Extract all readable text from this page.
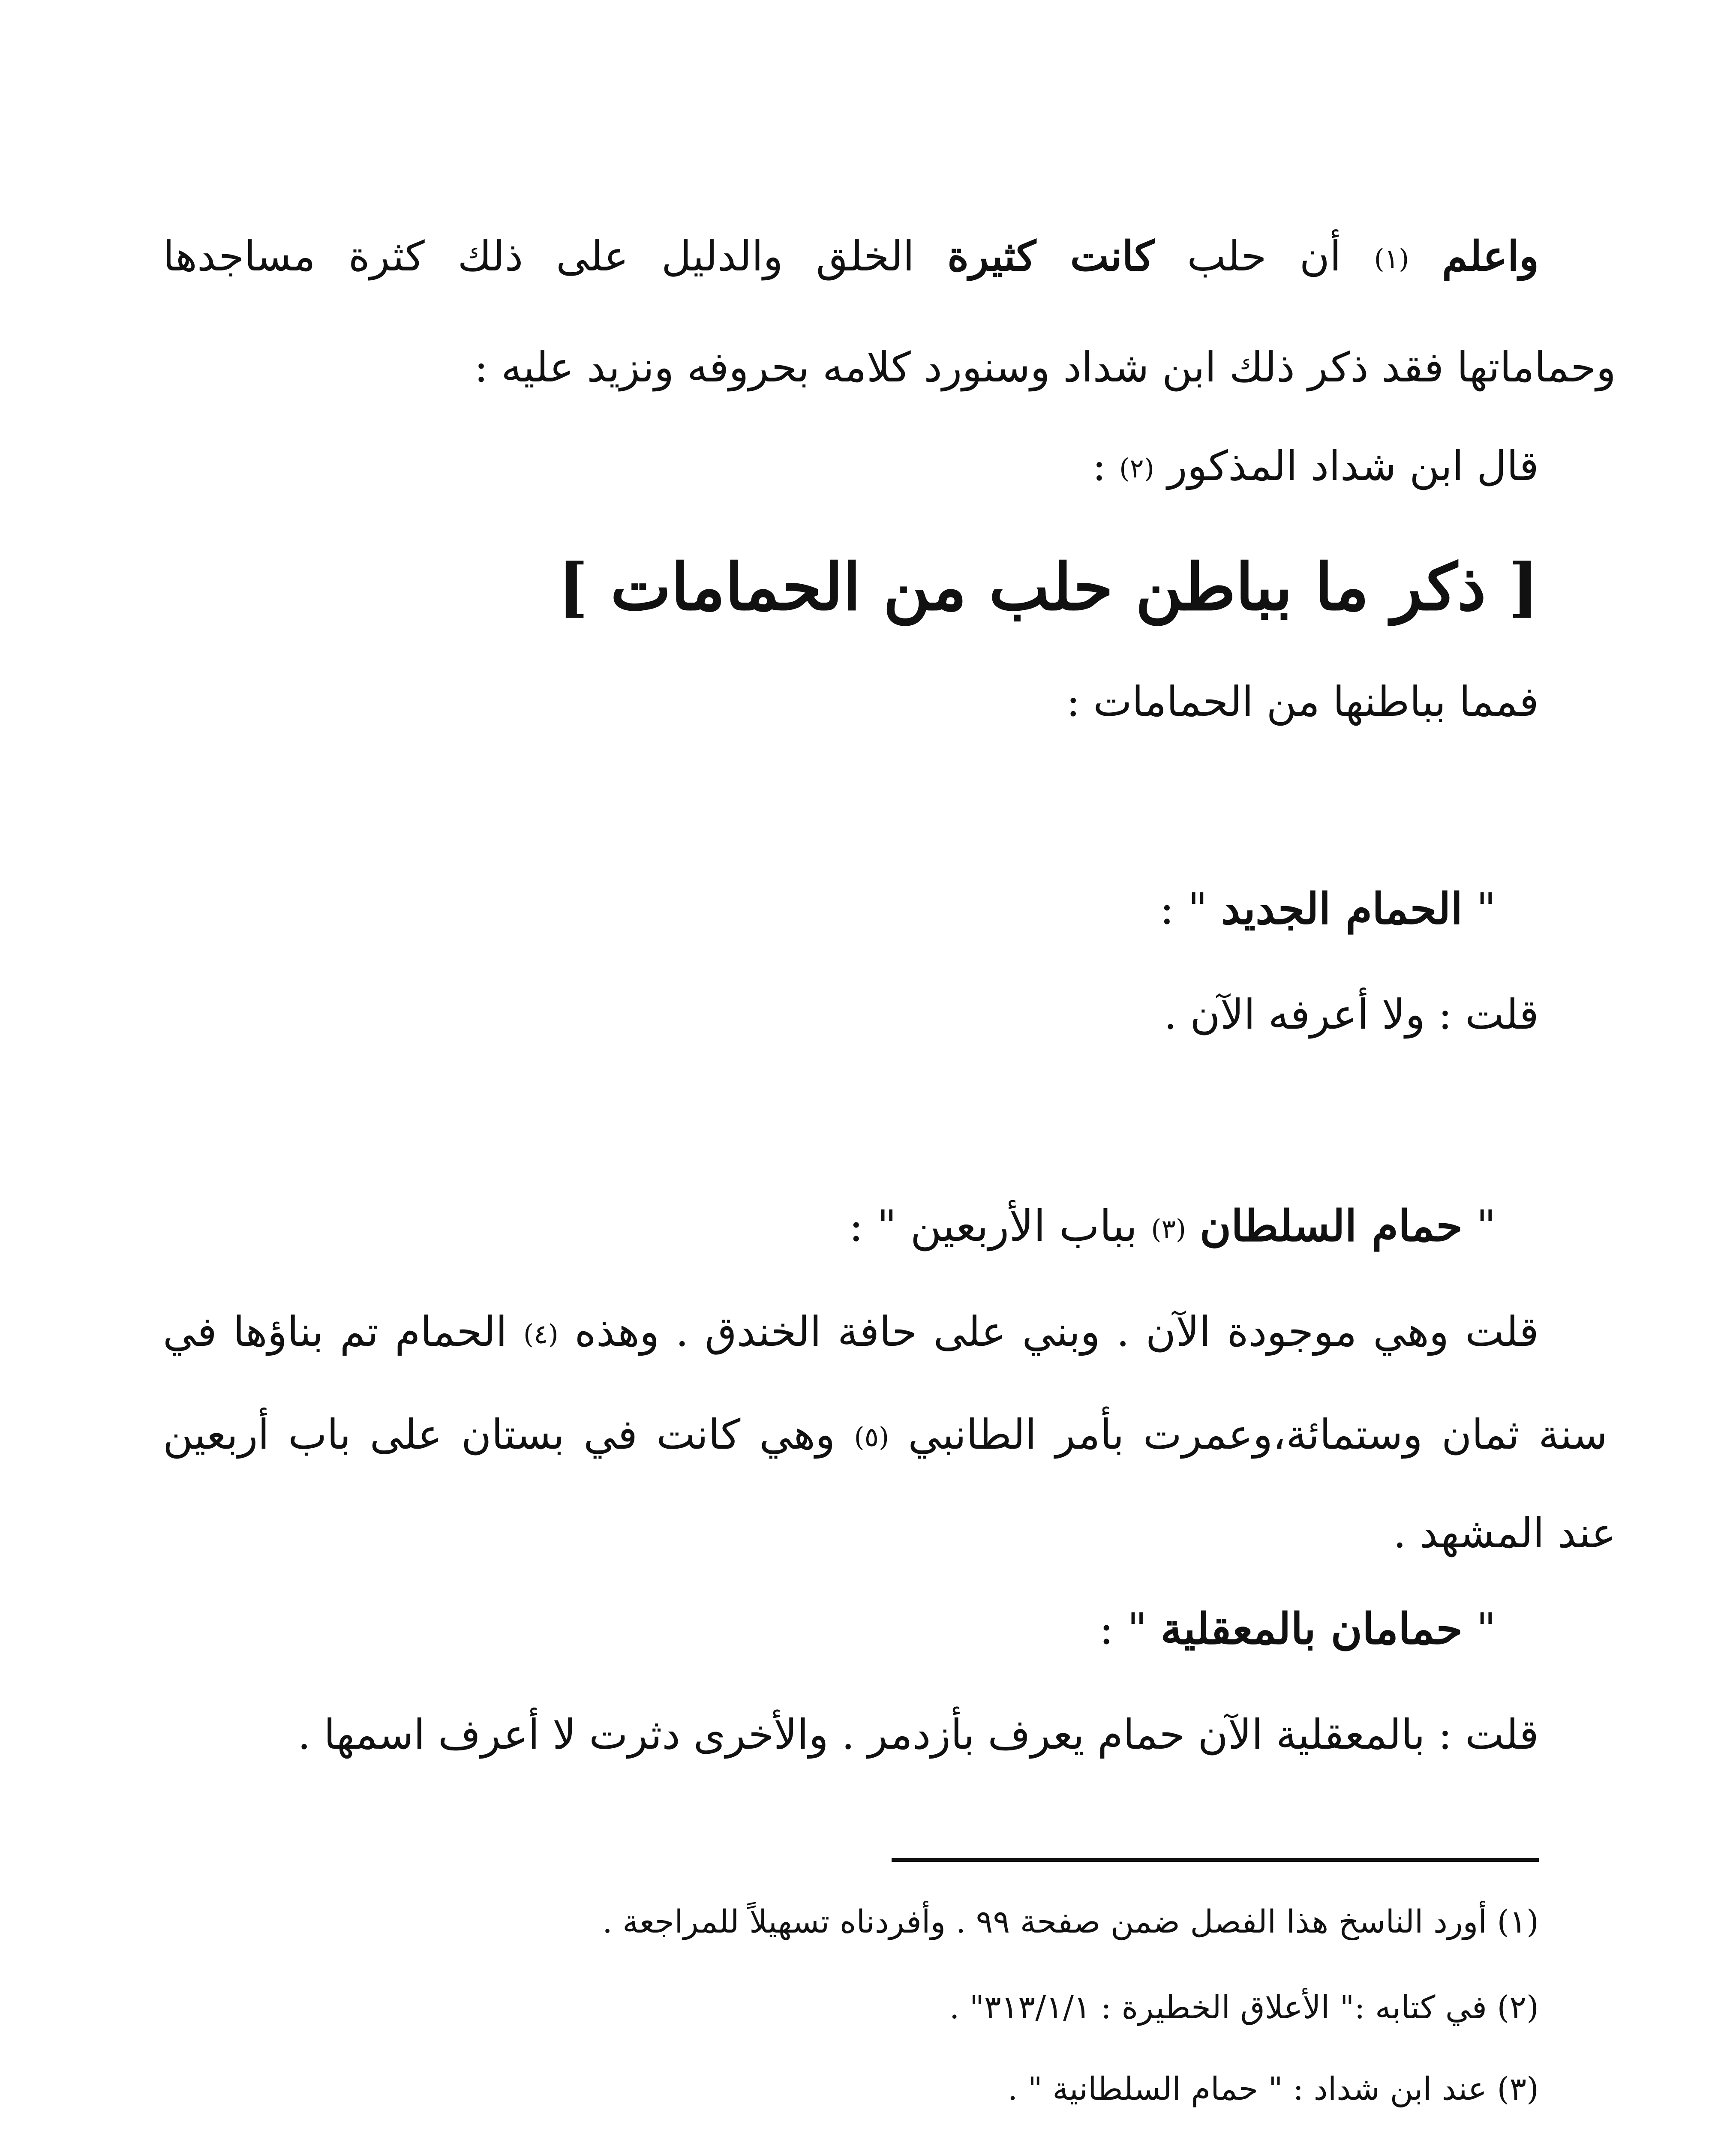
واعلم (١) أن حلب كانت كثيرة الخلق والدليل على ذلك كثرة مساجدها
وحماماتها فقد ذكر ذلك ابن شداد وسنورد كلامه بحروفه ونزيد عليه :
قال ابن شداد المذكور (٢) :
[ ذكر ما بباطن حلب من الحمامات ]
فمما بباطنها من الحمامات :
" الحمام الجديد " :
قلت : ولا أعرفه الآن .
" حمام السلطان (٣) بباب الأربعين " :
قلت وهي موجودة الآن . وبني على حافة الخندق . وهذه (٤) الحمام تم بناؤها في
سنة ثمان وستمائة،وعمرت بأمر الطانبي (٥) وهي كانت في بستان على باب أربعين
عند المشهد .
" حمامان بالمعقلية " :
قلت : بالمعقلية الآن حمام يعرف بأزدمر . والأخرى دثرت لا أعرف اسمها .
(١) أورد الناسخ هذا الفصل ضمن صفحة ٩٩ . وأفردناه تسهيلاً للمراجعة .
(٢) في كتابه :" الأعلاق الخطيرة : ٣١٣/١/١" .
(٣) عند ابن شداد : " حمام السلطانية " .
